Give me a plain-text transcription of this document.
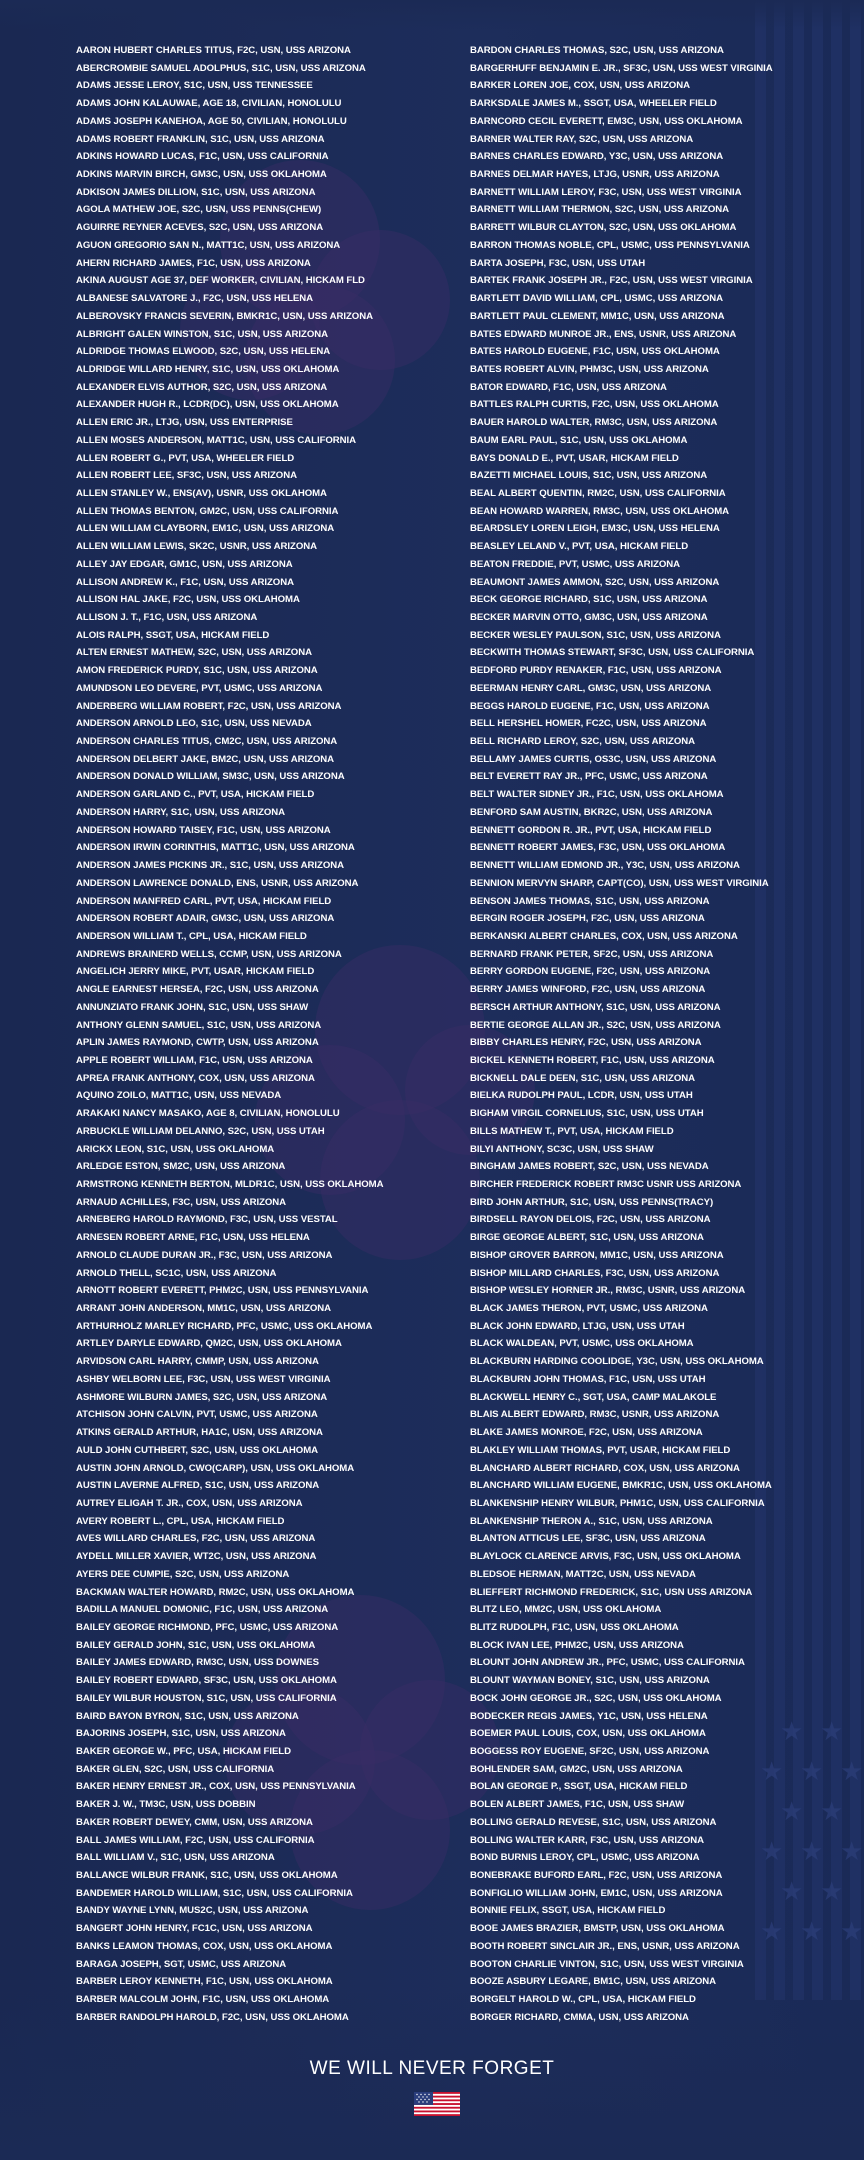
★ ★
★ ★ ★
★ ★
★ ★ ★
★ ★
★ ★ ★
AARON HUBERT CHARLES TITUS, F2C, USN, USS ARIZONA
ABERCROMBIE SAMUEL ADOLPHUS, S1C, USN, USS ARIZONA
ADAMS JESSE LEROY, S1C, USN, USS TENNESSEE
ADAMS JOHN KALAUWAE, AGE 18, CIVILIAN, HONOLULU
ADAMS JOSEPH KANEHOA, AGE 50, CIVILIAN, HONOLULU
ADAMS ROBERT FRANKLIN, S1C, USN, USS ARIZONA
ADKINS HOWARD LUCAS, F1C, USN, USS CALIFORNIA
ADKINS MARVIN BIRCH, GM3C, USN, USS OKLAHOMA
ADKISON JAMES DILLION, S1C, USN, USS ARIZONA
AGOLA MATHEW JOE, S2C, USN, USS PENNS(CHEW)
AGUIRRE REYNER ACEVES, S2C, USN, USS ARIZONA
AGUON GREGORIO SAN N., MATT1C, USN, USS ARIZONA
AHERN RICHARD JAMES, F1C, USN, USS ARIZONA
AKINA AUGUST AGE 37, DEF WORKER, CIVILIAN, HICKAM FLD
ALBANESE SALVATORE J., F2C, USN, USS HELENA
ALBEROVSKY FRANCIS SEVERIN, BMKR1C, USN, USS ARIZONA
ALBRIGHT GALEN WINSTON, S1C, USN, USS ARIZONA
ALDRIDGE THOMAS ELWOOD, S2C, USN, USS HELENA
ALDRIDGE WILLARD HENRY, S1C, USN, USS OKLAHOMA
ALEXANDER ELVIS AUTHOR, S2C, USN, USS ARIZONA
ALEXANDER HUGH R., LCDR(DC), USN, USS OKLAHOMA
ALLEN ERIC JR., LTJG, USN, USS ENTERPRISE
ALLEN MOSES ANDERSON, MATT1C, USN, USS CALIFORNIA
ALLEN ROBERT G., PVT, USA, WHEELER FIELD
ALLEN ROBERT LEE, SF3C, USN, USS ARIZONA
ALLEN STANLEY W., ENS(AV), USNR, USS OKLAHOMA
ALLEN THOMAS BENTON, GM2C, USN, USS CALIFORNIA
ALLEN WILLIAM CLAYBORN, EM1C, USN, USS ARIZONA
ALLEN WILLIAM LEWIS, SK2C, USNR, USS ARIZONA
ALLEY JAY EDGAR, GM1C, USN, USS ARIZONA
ALLISON ANDREW K., F1C, USN, USS ARIZONA
ALLISON HAL JAKE, F2C, USN, USS OKLAHOMA
ALLISON J. T., F1C, USN, USS ARIZONA
ALOIS RALPH, SSGT, USA, HICKAM FIELD
ALTEN ERNEST MATHEW, S2C, USN, USS ARIZONA
AMON FREDERICK PURDY, S1C, USN, USS ARIZONA
AMUNDSON LEO DEVERE, PVT, USMC, USS ARIZONA
ANDERBERG WILLIAM ROBERT, F2C, USN, USS ARIZONA
ANDERSON ARNOLD LEO, S1C, USN, USS NEVADA
ANDERSON CHARLES TITUS, CM2C, USN, USS ARIZONA
ANDERSON DELBERT JAKE, BM2C, USN, USS ARIZONA
ANDERSON DONALD WILLIAM, SM3C, USN, USS ARIZONA
ANDERSON GARLAND C., PVT, USA, HICKAM FIELD
ANDERSON HARRY, S1C, USN, USS ARIZONA
ANDERSON HOWARD TAISEY, F1C, USN, USS ARIZONA
ANDERSON IRWIN CORINTHIS, MATT1C, USN, USS ARIZONA
ANDERSON JAMES PICKINS JR., S1C, USN, USS ARIZONA
ANDERSON LAWRENCE DONALD, ENS, USNR, USS ARIZONA
ANDERSON MANFRED CARL, PVT, USA, HICKAM FIELD
ANDERSON ROBERT ADAIR, GM3C, USN, USS ARIZONA
ANDERSON WILLIAM T., CPL, USA, HICKAM FIELD
ANDREWS BRAINERD WELLS, CCMP, USN, USS ARIZONA
ANGELICH JERRY MIKE, PVT, USAR, HICKAM FIELD
ANGLE EARNEST HERSEA, F2C, USN, USS ARIZONA
ANNUNZIATO FRANK JOHN, S1C, USN, USS SHAW
ANTHONY GLENN SAMUEL, S1C, USN, USS ARIZONA
APLIN JAMES RAYMOND, CWTP, USN, USS ARIZONA
APPLE ROBERT WILLIAM, F1C, USN, USS ARIZONA
APREA FRANK ANTHONY, COX, USN, USS ARIZONA
AQUINO ZOILO, MATT1C, USN, USS NEVADA
ARAKAKI NANCY MASAKO, AGE 8, CIVILIAN, HONOLULU
ARBUCKLE WILLIAM DELANNO, S2C, USN, USS UTAH
ARICKX LEON, S1C, USN, USS OKLAHOMA
ARLEDGE ESTON, SM2C, USN, USS ARIZONA
ARMSTRONG KENNETH BERTON, MLDR1C, USN, USS OKLAHOMA
ARNAUD ACHILLES, F3C, USN, USS ARIZONA
ARNEBERG HAROLD RAYMOND, F3C, USN, USS VESTAL
ARNESEN ROBERT ARNE, F1C, USN, USS HELENA
ARNOLD CLAUDE DURAN JR., F3C, USN, USS ARIZONA
ARNOLD THELL, SC1C, USN, USS ARIZONA
ARNOTT ROBERT EVERETT, PHM2C, USN, USS PENNSYLVANIA
ARRANT JOHN ANDERSON, MM1C, USN, USS ARIZONA
ARTHURHOLZ MARLEY RICHARD, PFC, USMC, USS OKLAHOMA
ARTLEY DARYLE EDWARD, QM2C, USN, USS OKLAHOMA
ARVIDSON CARL HARRY, CMMP, USN, USS ARIZONA
ASHBY WELBORN LEE, F3C, USN, USS WEST VIRGINIA
ASHMORE WILBURN JAMES, S2C, USN, USS ARIZONA
ATCHISON JOHN CALVIN, PVT, USMC, USS ARIZONA
ATKINS GERALD ARTHUR, HA1C, USN, USS ARIZONA
AULD JOHN CUTHBERT, S2C, USN, USS OKLAHOMA
AUSTIN JOHN ARNOLD, CWO(CARP), USN, USS OKLAHOMA
AUSTIN LAVERNE ALFRED, S1C, USN, USS ARIZONA
AUTREY ELIGAH T. JR., COX, USN, USS ARIZONA
AVERY ROBERT L., CPL, USA, HICKAM FIELD
AVES WILLARD CHARLES, F2C, USN, USS ARIZONA
AYDELL MILLER XAVIER, WT2C, USN, USS ARIZONA
AYERS DEE CUMPIE, S2C, USN, USS ARIZONA
BACKMAN WALTER HOWARD, RM2C, USN, USS OKLAHOMA
BADILLA MANUEL DOMONIC, F1C, USN, USS ARIZONA
BAILEY GEORGE RICHMOND, PFC, USMC, USS ARIZONA
BAILEY GERALD JOHN, S1C, USN, USS OKLAHOMA
BAILEY JAMES EDWARD, RM3C, USN, USS DOWNES
BAILEY ROBERT EDWARD, SF3C, USN, USS OKLAHOMA
BAILEY WILBUR HOUSTON, S1C, USN, USS CALIFORNIA
BAIRD BAYON BYRON, S1C, USN, USS ARIZONA
BAJORINS JOSEPH, S1C, USN, USS ARIZONA
BAKER GEORGE W., PFC, USA, HICKAM FIELD
BAKER GLEN, S2C, USN, USS CALIFORNIA
BAKER HENRY ERNEST JR., COX, USN, USS PENNSYLVANIA
BAKER J. W., TM3C, USN, USS DOBBIN
BAKER ROBERT DEWEY, CMM, USN, USS ARIZONA
BALL JAMES WILLIAM, F2C, USN, USS CALIFORNIA
BALL WILLIAM V., S1C, USN, USS ARIZONA
BALLANCE WILBUR FRANK, S1C, USN, USS OKLAHOMA
BANDEMER HAROLD WILLIAM, S1C, USN, USS CALIFORNIA
BANDY WAYNE LYNN, MUS2C, USN, USS ARIZONA
BANGERT JOHN HENRY, FC1C, USN, USS ARIZONA
BANKS LEAMON THOMAS, COX, USN, USS OKLAHOMA
BARAGA JOSEPH, SGT, USMC, USS ARIZONA
BARBER LEROY KENNETH, F1C, USN, USS OKLAHOMA
BARBER MALCOLM JOHN, F1C, USN, USS OKLAHOMA
BARBER RANDOLPH HAROLD, F2C, USN, USS OKLAHOMA
BARDON CHARLES THOMAS, S2C, USN, USS ARIZONA
BARGERHUFF BENJAMIN E. JR., SF3C, USN, USS WEST VIRGINIA
BARKER LOREN JOE, COX, USN, USS ARIZONA
BARKSDALE JAMES M., SSGT, USA, WHEELER FIELD
BARNCORD CECIL EVERETT, EM3C, USN, USS OKLAHOMA
BARNER WALTER RAY, S2C, USN, USS ARIZONA
BARNES CHARLES EDWARD, Y3C, USN, USS ARIZONA
BARNES DELMAR HAYES, LTJG, USNR, USS ARIZONA
BARNETT WILLIAM LEROY, F3C, USN, USS WEST VIRGINIA
BARNETT WILLIAM THERMON, S2C, USN, USS ARIZONA
BARRETT WILBUR CLAYTON, S2C, USN, USS OKLAHOMA
BARRON THOMAS NOBLE, CPL, USMC, USS PENNSYLVANIA
BARTA JOSEPH, F3C, USN, USS UTAH
BARTEK FRANK JOSEPH JR., F2C, USN, USS WEST VIRGINIA
BARTLETT DAVID WILLIAM, CPL, USMC, USS ARIZONA
BARTLETT PAUL CLEMENT, MM1C, USN, USS ARIZONA
BATES EDWARD MUNROE JR., ENS, USNR, USS ARIZONA
BATES HAROLD EUGENE, F1C, USN, USS OKLAHOMA
BATES ROBERT ALVIN, PHM3C, USN, USS ARIZONA
BATOR EDWARD, F1C, USN, USS ARIZONA
BATTLES RALPH CURTIS, F2C, USN, USS OKLAHOMA
BAUER HAROLD WALTER, RM3C, USN, USS ARIZONA
BAUM EARL PAUL, S1C, USN, USS OKLAHOMA
BAYS DONALD E., PVT, USAR, HICKAM FIELD
BAZETTI MICHAEL LOUIS, S1C, USN, USS ARIZONA
BEAL ALBERT QUENTIN, RM2C, USN, USS CALIFORNIA
BEAN HOWARD WARREN, RM3C, USN, USS OKLAHOMA
BEARDSLEY LOREN LEIGH, EM3C, USN, USS HELENA
BEASLEY LELAND V., PVT, USA, HICKAM FIELD
BEATON FREDDIE, PVT, USMC, USS ARIZONA
BEAUMONT JAMES AMMON, S2C, USN, USS ARIZONA
BECK GEORGE RICHARD, S1C, USN, USS ARIZONA
BECKER MARVIN OTTO, GM3C, USN, USS ARIZONA
BECKER WESLEY PAULSON, S1C, USN, USS ARIZONA
BECKWITH THOMAS STEWART, SF3C, USN, USS CALIFORNIA
BEDFORD PURDY RENAKER, F1C, USN, USS ARIZONA
BEERMAN HENRY CARL, GM3C, USN, USS ARIZONA
BEGGS HAROLD EUGENE, F1C, USN, USS ARIZONA
BELL HERSHEL HOMER, FC2C, USN, USS ARIZONA
BELL RICHARD LEROY, S2C, USN, USS ARIZONA
BELLAMY JAMES CURTIS, OS3C, USN, USS ARIZONA
BELT EVERETT RAY JR., PFC, USMC, USS ARIZONA
BELT WALTER SIDNEY JR., F1C, USN, USS OKLAHOMA
BENFORD SAM AUSTIN, BKR2C, USN, USS ARIZONA
BENNETT GORDON R. JR., PVT, USA, HICKAM FIELD
BENNETT ROBERT JAMES, F3C, USN, USS OKLAHOMA
BENNETT WILLIAM EDMOND JR., Y3C, USN, USS ARIZONA
BENNION MERVYN SHARP, CAPT(CO), USN, USS WEST VIRGINIA
BENSON JAMES THOMAS, S1C, USN, USS ARIZONA
BERGIN ROGER JOSEPH, F2C, USN, USS ARIZONA
BERKANSKI ALBERT CHARLES, COX, USN, USS ARIZONA
BERNARD FRANK PETER, SF2C, USN, USS ARIZONA
BERRY GORDON EUGENE, F2C, USN, USS ARIZONA
BERRY JAMES WINFORD, F2C, USN, USS ARIZONA
BERSCH ARTHUR ANTHONY, S1C, USN, USS ARIZONA
BERTIE GEORGE ALLAN JR., S2C, USN, USS ARIZONA
BIBBY CHARLES HENRY, F2C, USN, USS ARIZONA
BICKEL KENNETH ROBERT, F1C, USN, USS ARIZONA
BICKNELL DALE DEEN, S1C, USN, USS ARIZONA
BIELKA RUDOLPH PAUL, LCDR, USN, USS UTAH
BIGHAM VIRGIL CORNELIUS, S1C, USN, USS UTAH
BILLS MATHEW T., PVT, USA, HICKAM FIELD
BILYI ANTHONY, SC3C, USN, USS SHAW
BINGHAM JAMES ROBERT, S2C, USN, USS NEVADA
BIRCHER FREDERICK ROBERT RM3C USNR USS ARIZONA
BIRD JOHN ARTHUR, S1C, USN, USS PENNS(TRACY)
BIRDSELL RAYON DELOIS, F2C, USN, USS ARIZONA
BIRGE GEORGE ALBERT, S1C, USN, USS ARIZONA
BISHOP GROVER BARRON, MM1C, USN, USS ARIZONA
BISHOP MILLARD CHARLES, F3C, USN, USS ARIZONA
BISHOP WESLEY HORNER JR., RM3C, USNR, USS ARIZONA
BLACK JAMES THERON, PVT, USMC, USS ARIZONA
BLACK JOHN EDWARD, LTJG, USN, USS UTAH
BLACK WALDEAN, PVT, USMC, USS OKLAHOMA
BLACKBURN HARDING COOLIDGE, Y3C, USN, USS OKLAHOMA
BLACKBURN JOHN THOMAS, F1C, USN, USS UTAH
BLACKWELL HENRY C., SGT, USA, CAMP MALAKOLE
BLAIS ALBERT EDWARD, RM3C, USNR, USS ARIZONA
BLAKE JAMES MONROE, F2C, USN, USS ARIZONA
BLAKLEY WILLIAM THOMAS, PVT, USAR, HICKAM FIELD
BLANCHARD ALBERT RICHARD, COX, USN, USS ARIZONA
BLANCHARD WILLIAM EUGENE, BMKR1C, USN, USS OKLAHOMA
BLANKENSHIP HENRY WILBUR, PHM1C, USN, USS CALIFORNIA
BLANKENSHIP THERON A., S1C, USN, USS ARIZONA
BLANTON ATTICUS LEE, SF3C, USN, USS ARIZONA
BLAYLOCK CLARENCE ARVIS, F3C, USN, USS OKLAHOMA
BLEDSOE HERMAN, MATT2C, USN, USS NEVADA
BLIEFFERT RICHMOND FREDERICK, S1C, USN USS ARIZONA
BLITZ LEO, MM2C, USN, USS OKLAHOMA
BLITZ RUDOLPH, F1C, USN, USS OKLAHOMA
BLOCK IVAN LEE, PHM2C, USN, USS ARIZONA
BLOUNT JOHN ANDREW JR., PFC, USMC, USS CALIFORNIA
BLOUNT WAYMAN BONEY, S1C, USN, USS ARIZONA
BOCK JOHN GEORGE JR., S2C, USN, USS OKLAHOMA
BODECKER REGIS JAMES, Y1C, USN, USS HELENA
BOEMER PAUL LOUIS, COX, USN, USS OKLAHOMA
BOGGESS ROY EUGENE, SF2C, USN, USS ARIZONA
BOHLENDER SAM, GM2C, USN, USS ARIZONA
BOLAN GEORGE P., SSGT, USA, HICKAM FIELD
BOLEN ALBERT JAMES, F1C, USN, USS SHAW
BOLLING GERALD REVESE, S1C, USN, USS ARIZONA
BOLLING WALTER KARR, F3C, USN, USS ARIZONA
BOND BURNIS LEROY, CPL, USMC, USS ARIZONA
BONEBRAKE BUFORD EARL, F2C, USN, USS ARIZONA
BONFIGLIO WILLIAM JOHN, EM1C, USN, USS ARIZONA
BONNIE FELIX, SSGT, USA, HICKAM FIELD
BOOE JAMES BRAZIER, BMSTP, USN, USS OKLAHOMA
BOOTH ROBERT SINCLAIR JR., ENS, USNR, USS ARIZONA
BOOTON CHARLIE VINTON, S1C, USN, USS WEST VIRGINIA
BOOZE ASBURY LEGARE, BM1C, USN, USS ARIZONA
BORGELT HAROLD W., CPL, USA, HICKAM FIELD
BORGER RICHARD, CMMA, USN, USS ARIZONA
WE WILL NEVER FORGET
